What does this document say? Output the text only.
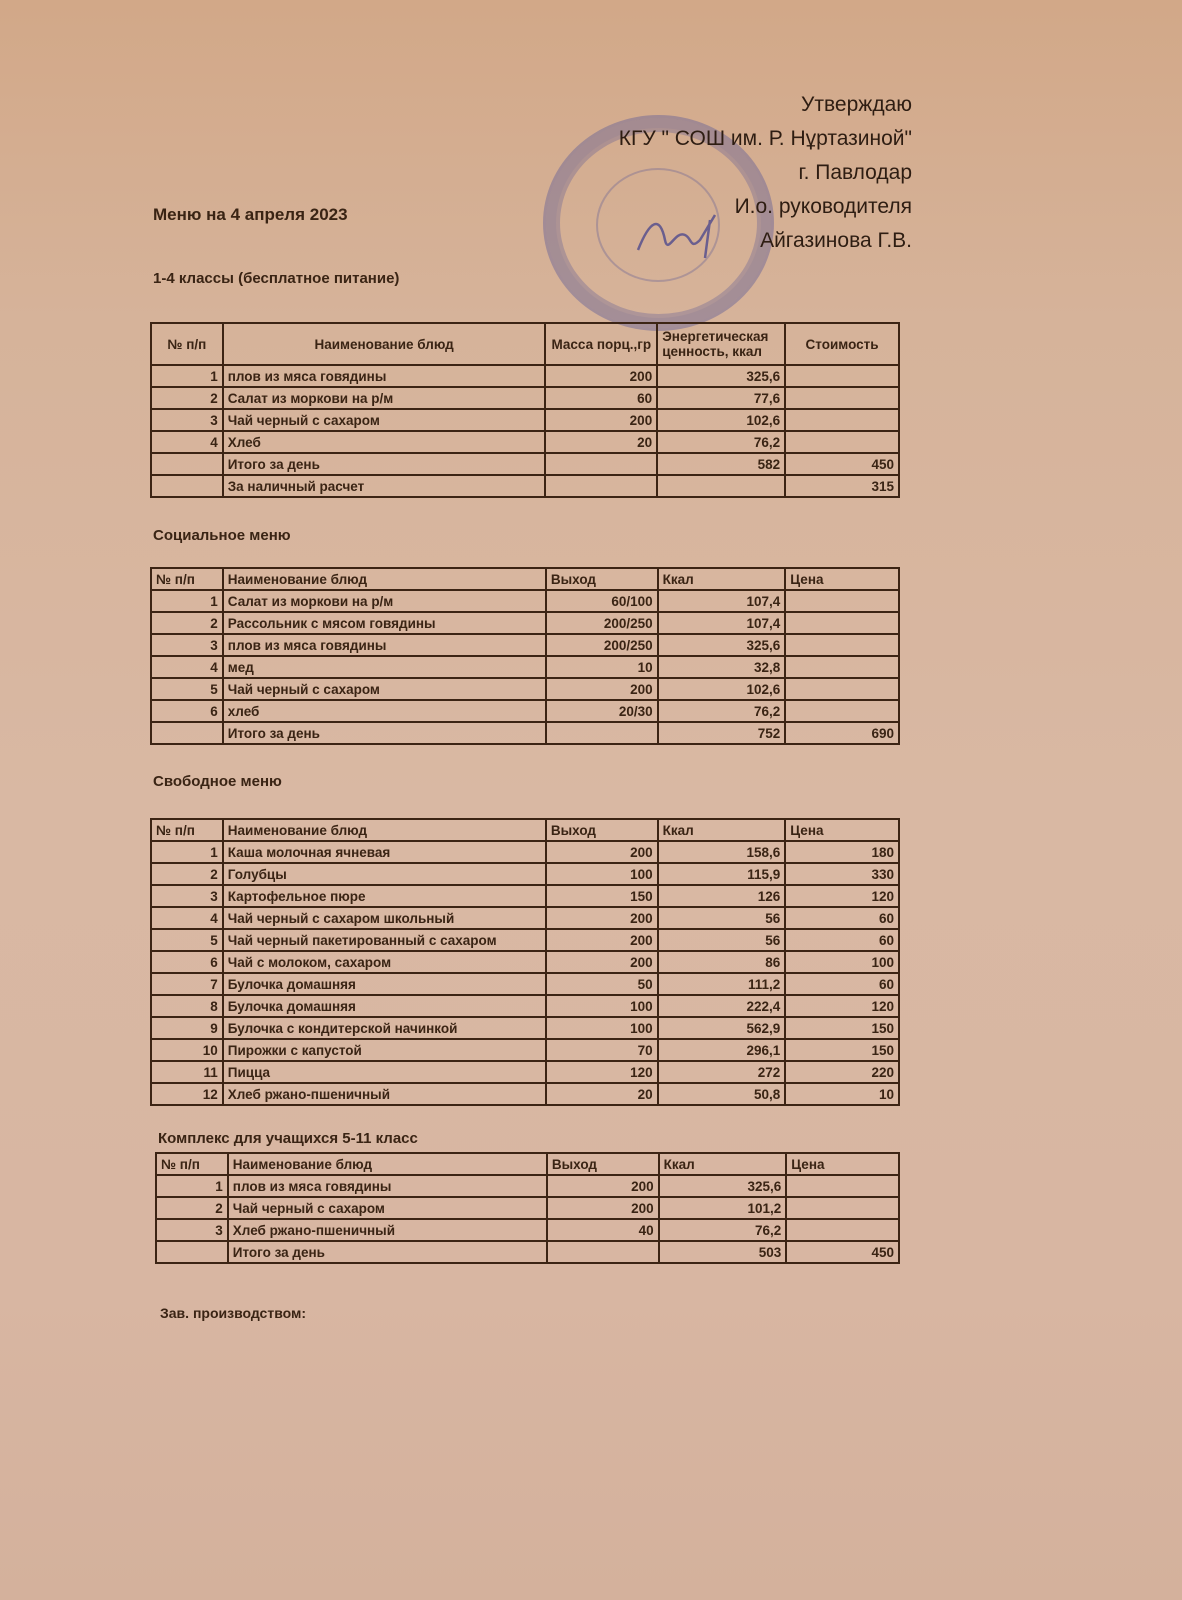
Утверждаю
КГУ " СОШ им. Р. Нұртазиной"
г. Павлодар
И.о. руководителя
Айгазинова Г.В.
Меню на 4 апреля 2023
1-4 классы (бесплатное питание)
№ п/п	Наименование блюд	Масса порц.,гр	Энергетическая ценность, ккал	Стоимость
1	плов из мяса говядины	200	325,6	
2	Салат из моркови на р/м	60	77,6	
3	Чай черный с сахаром	200	102,6	
4	Хлеб	20	76,2	
	Итого за день		582	450
	За наличный расчет			315
Социальное меню
№ п/п	Наименование блюд	Выход	Ккал	Цена
1	Салат из моркови на р/м	60/100	107,4	
2	Рассольник с мясом говядины	200/250	107,4	
3	плов из мяса говядины	200/250	325,6	
4	мед	10	32,8	
5	Чай черный с сахаром	200	102,6	
6	хлеб	20/30	76,2	
	Итого за день		752	690
Свободное меню
№ п/п	Наименование блюд	Выход	Ккал	Цена
1	Каша молочная ячневая	200	158,6	180
2	Голубцы	100	115,9	330
3	Картофельное пюре	150	126	120
4	Чай черный с сахаром школьный	200	56	60
5	Чай черный пакетированный с сахаром	200	56	60
6	Чай с молоком, сахаром	200	86	100
7	Булочка домашняя	50	111,2	60
8	Булочка домашняя	100	222,4	120
9	Булочка с кондитерской начинкой	100	562,9	150
10	Пирожки с капустой	70	296,1	150
11	Пицца	120	272	220
12	Хлеб ржано-пшеничный	20	50,8	10
Комплекс для учащихся 5-11 класс
№ п/п	Наименование блюд	Выход	Ккал	Цена
1	плов из мяса говядины	200	325,6	
2	Чай черный с сахаром	200	101,2	
3	Хлеб ржано-пшеничный	40	76,2	
	Итого за день		503	450
Зав. производством:
